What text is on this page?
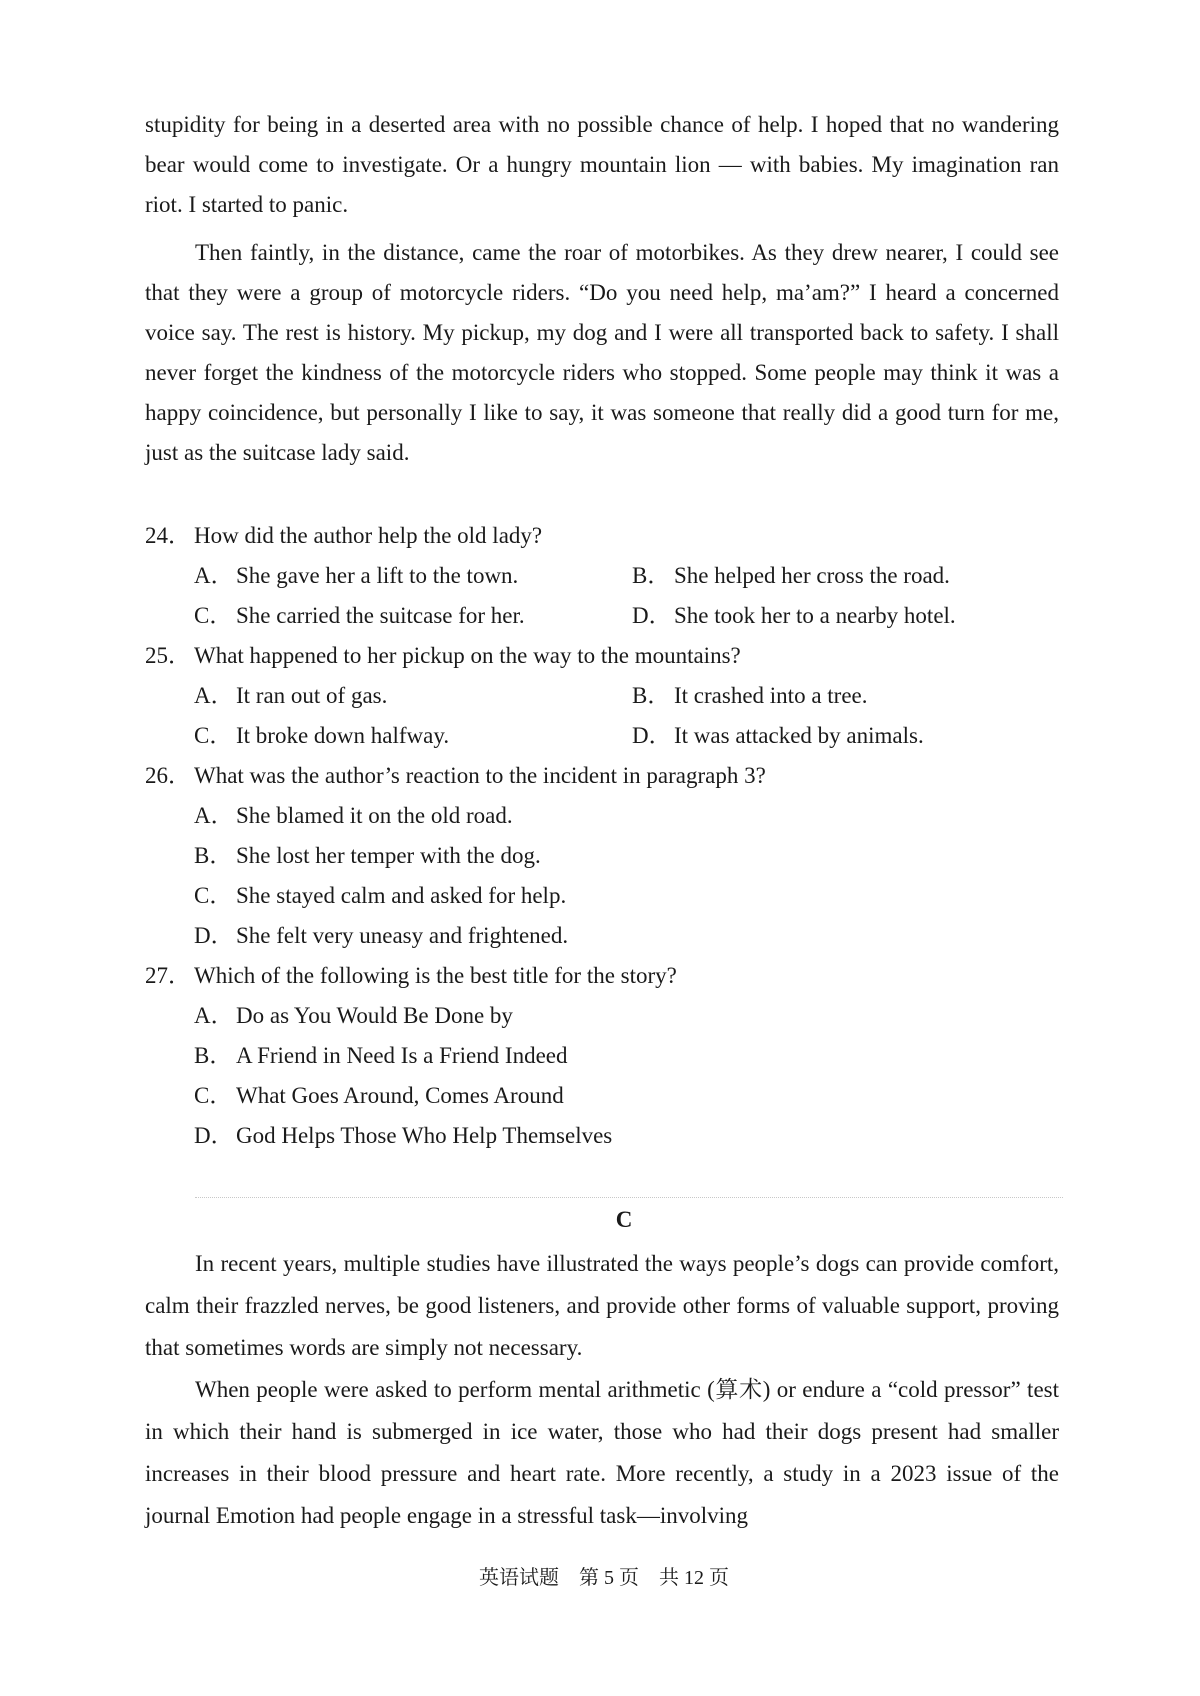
stupidity for being in a deserted area with no possible chance of help. I hoped that no wandering bear would come to investigate. Or a hungry mountain lion — with babies. My imagination ran riot. I started to panic.

Then faintly, in the distance, came the roar of motorbikes. As they drew nearer, I could see that they were a group of motorcycle riders. “Do you need help, ma’am?” I heard a concerned voice say. The rest is history. My pickup, my dog and I were all transported back to safety. I shall never forget the kindness of the motorcycle riders who stopped. Some people may think it was a happy coincidence, but personally I like to say, it was someone that really did a good turn for me, just as the suitcase lady said.

24． How did the author help the old lady?
A． She gave her a lift to the town.	B． She helped her cross the road.
C． She carried the suitcase for her.	D． She took her to a nearby hotel.
25． What happened to her pickup on the way to the mountains?
A． It ran out of gas.	B． It crashed into a tree.
C． It broke down halfway.	D． It was attacked by animals.
26． What was the author’s reaction to the incident in paragraph 3?
A． She blamed it on the old road.
B． She lost her temper with the dog.
C． She stayed calm and asked for help.
D． She felt very uneasy and frightened.
27． Which of the following is the best title for the story?
A． Do as You Would Be Done by
B． A Friend in Need Is a Friend Indeed
C． What Goes Around, Comes Around
D． God Helps Those Who Help Themselves
C

In recent years, multiple studies have illustrated the ways people’s dogs can provide comfort, calm their frazzled nerves, be good listeners, and provide other forms of valuable support, proving that sometimes words are simply not necessary.

When people were asked to perform mental arithmetic (算术) or endure a “cold pressor” test in which their hand is submerged in ice water, those who had their dogs present had smaller increases in their blood pressure and heart rate. More recently, a study in a 2023 issue of the journal Emotion had people engage in a stressful task—involving

英语试题 第 5 页 共 12 页
